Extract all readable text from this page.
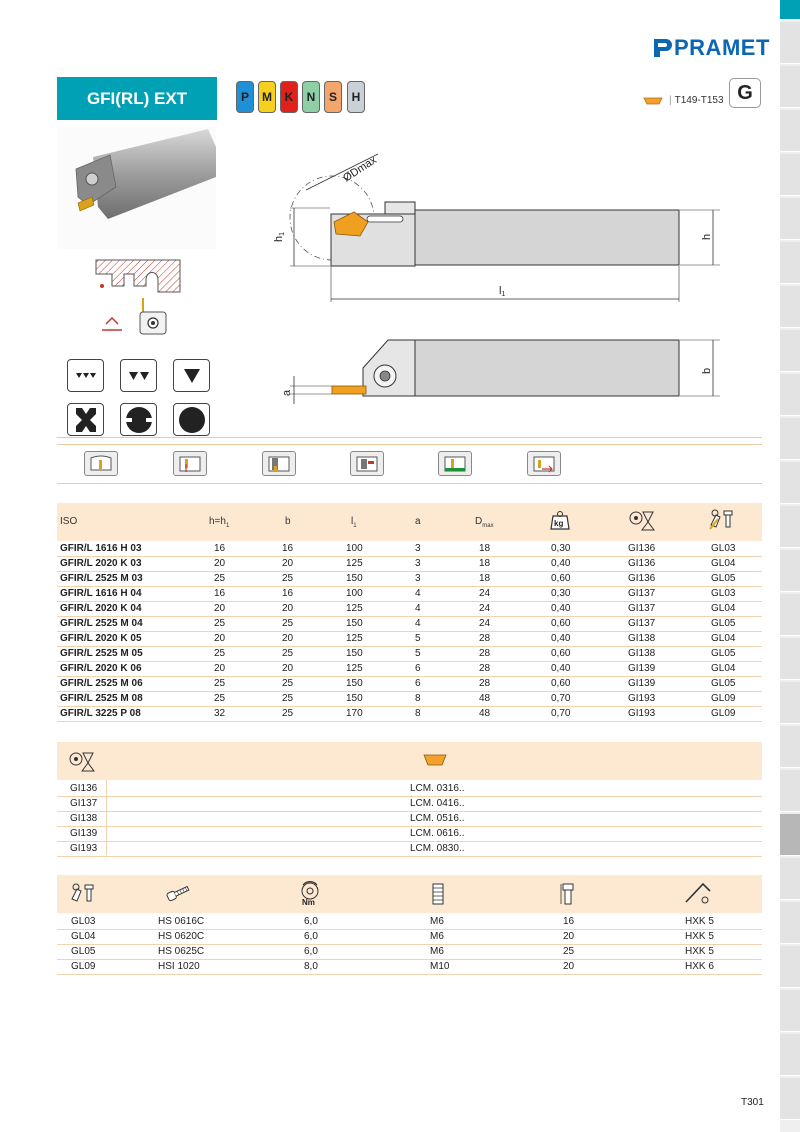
PRAMET
GFI(RL) EXT	P	M	K	N	S	H	| T149-T153 G
ØDmax
h1	h
l1
a
b
ISO	$h=h_1$	b	$l_1$	a	$D_{max}$	kg
GFIR/L 1616 H 03	16	16	100	3	18	0,30	GI136	GL03
GFIR/L 2020 K 03	20	20	125	3	18	0,40	GI136	GL04
GFIR/L 2525 M 03	25	25	150	3	18	0,60	GI136	GL05
GFIR/L 1616 H 04	16	16	100	4	24	0,30	GI137	GL03
GFIR/L 2020 K 04	20	20	125	4	24	0,40	GI137	GL04
GFIR/L 2525 M 04	25	25	150	4	24	0,60	GI137	GL05
GFIR/L 2020 K 05	20	20	125	5	28	0,40	GI138	GL04
GFIR/L 2525 M 05	25	25	150	5	28	0,60	GI138	GL05
GFIR/L 2020 K 06	20	20	125	6	28	0,40	GI139	GL04
GFIR/L 2525 M 06	25	25	150	6	28	0,60	GI139	GL05
GFIR/L 2525 M 08	25	25	150	8	48	0,70	GI193	GL09
GFIR/L 3225 P 08	32	25	170	8	48	0,70	GI193	GL09
GI136	LCM. 0316..
GI137	LCM. 0416..
GI138	LCM. 0516..
GI139	LCM. 0616..
GI193	LCM. 0830..
Nm
GL03	HS 0616C	6,0	M6	16	HXK 5
GL04	HS 0620C	6,0	M6	20	HXK 5
GL05	HS 0625C	6,0	M6	25	HXK 5
GL09	HSI 1020	8,0	M10	20	HXK 6
T301
